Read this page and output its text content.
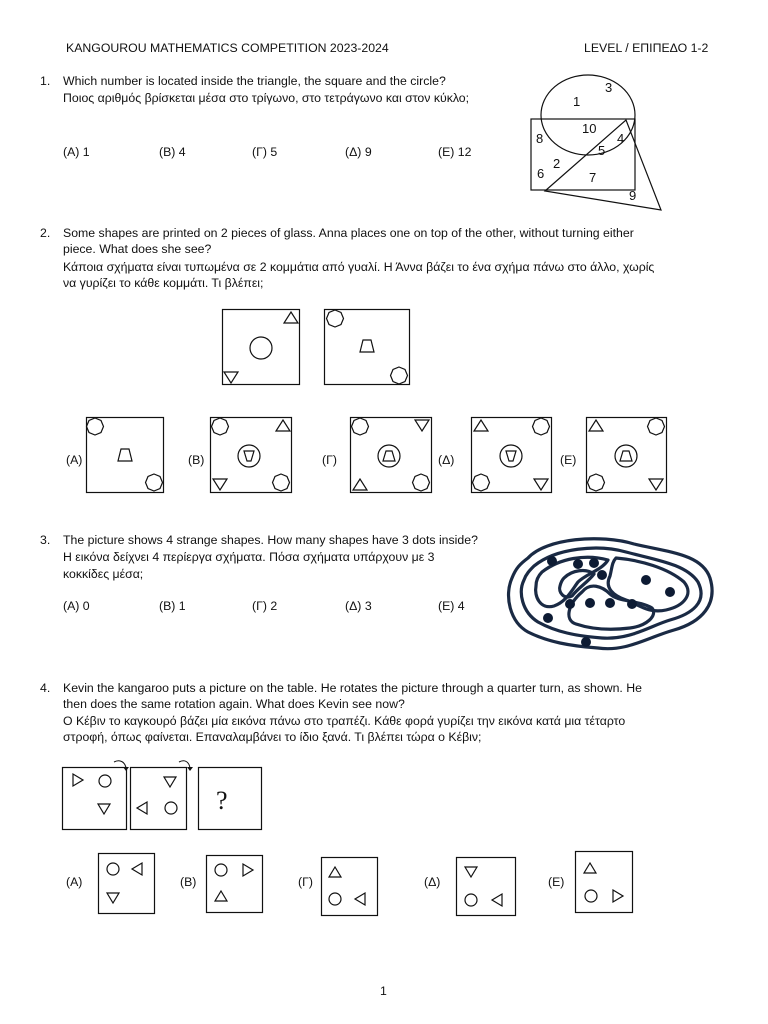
KANGOUROU MATHEMATICS COMPETITION 2023-2024	LEVEL / ΕΠΙΠΕΔΟ 1-2
1. Which number is located inside the triangle, the square and the circle?
Ποιος αριθμός βρίσκεται μέσα στο τρίγωνο, στο τετράγωνο και στον κύκλο;
(A) 1	(B) 4	(Γ) 5	(Δ) 9	(E) 12
1
3
10
8	4
5
2
6	7
9
2. Some shapes are printed on 2 pieces of glass. Anna places one on top of the other, without turning either
piece. What does she see?
Κάποια σχήματα είναι τυπωμένα σε 2 κομμάτια από γυαλί. Η Άννα βάζει το ένα σχήμα πάνω στο άλλο, χωρίς
να γυρίζει το κάθε κομμάτι. Τι βλέπει;
(A)	(B)	(Γ)	(Δ)	(E)
3. The picture shows 4 strange shapes. How many shapes have 3 dots inside?
Η εικόνα δείχνει 4 περίεργα σχήματα. Πόσα σχήματα υπάρχουν με 3
κοκκίδες μέσα;
(A) 0	(B) 1	(Γ) 2	(Δ) 3	(E) 4
4. Kevin the kangaroo puts a picture on the table. He rotates the picture through a quarter turn, as shown. He
then does the same rotation again. What does Kevin see now?
Ο Κέβιν το καγκουρό βάζει μία εικόνα πάνω στο τραπέζι. Κάθε φορά γυρίζει την εικόνα κατά μια τέταρτο
στροφή, όπως φαίνεται. Επαναλαμβάνει το ίδιο ξανά. Τι βλέπει τώρα ο Κέβιν;
?
(A)	(B)	(Γ)	(Δ)	(E)
1
